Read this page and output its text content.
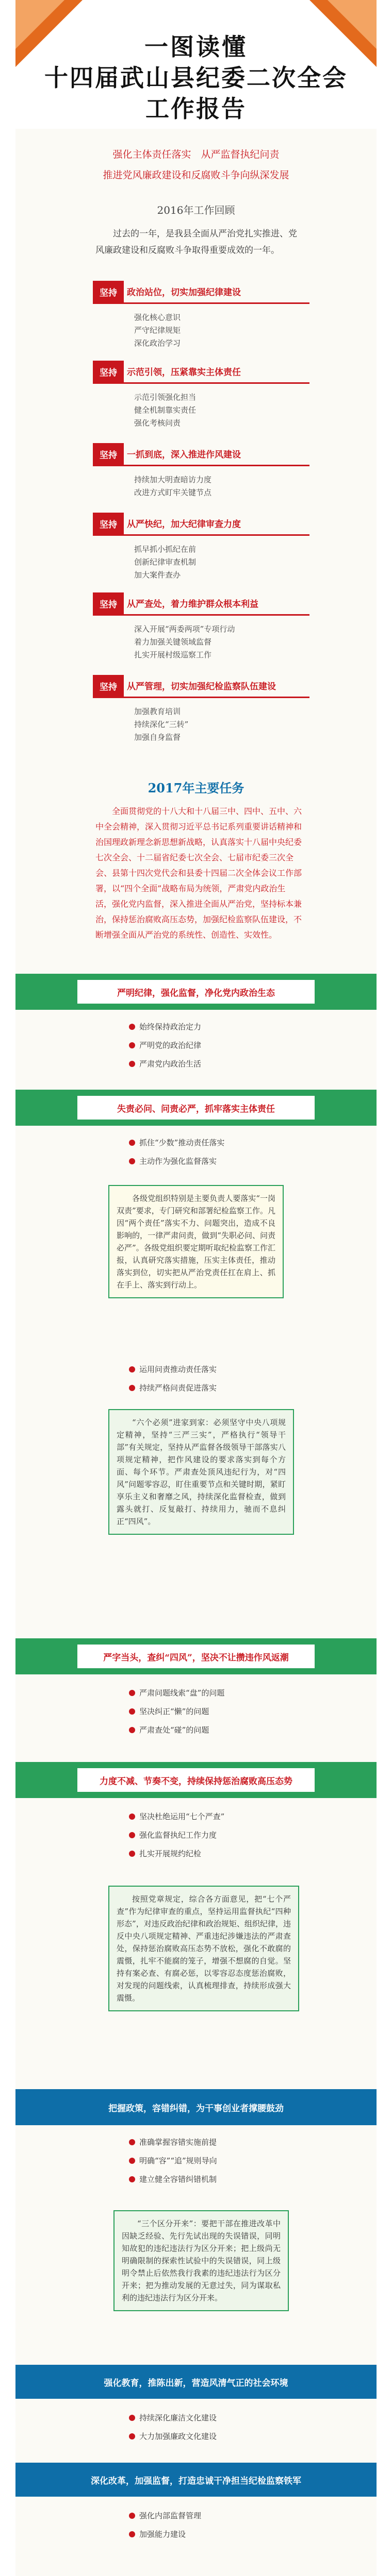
一图读懂
十四届武山县纪委二次全会
工作报告
强化主体责任落实　从严监督执纪问责
推进党风廉政建设和反腐败斗争向纵深发展
2016年工作回顾
过去的一年，是我县全面从严治党扎实推进、党风廉政建设和反腐败斗争取得重要成效的一年。
坚持	政治站位，切实加强纪律建设
强化核心意识
严守纪律规矩
深化政治学习
坚持	示范引领，压紧靠实主体责任
示范引领强化担当
健全机制靠实责任
强化考核问责
坚持	一抓到底，深入推进作风建设
持续加大明查暗访力度
改进方式盯牢关键节点
坚持	从严快纪，加大纪律审查力度
抓早抓小抓纪在前
创新纪律审查机制
加大案件查办
坚持	从严查处，着力维护群众根本利益
深入开展“两委两项”专项行动
着力加强关键领域监督
扎实开展村级巡察工作
坚持	从严管理，切实加强纪检监察队伍建设
加强教育培训
持续深化“三转”
加强自身监督
2017年主要任务
全面贯彻党的十八大和十八届三中、四中、五中、六中全会精神，深入贯彻习近平总书记系列重要讲话精神和治国理政新理念新思想新战略，认真落实十八届中央纪委七次全会、十二届省纪委七次全会、七届市纪委三次全会、县第十四次党代会和县委十四届二次全体会议工作部署，以“四个全面”战略布局为统领，严肃党内政治生活，强化党内监督，深入推进全面从严治党，坚持标本兼治，保持惩治腐败高压态势，加强纪检监察队伍建设，不断增强全面从严治党的系统性、创造性、实效性。
严明纪律，强化监督，净化党内政治生态
始终保持政治定力
严明党的政治纪律
严肃党内政治生活
失责必问、问责必严，抓牢落实主体责任
抓住“少数”推动责任落实
主动作为强化监督落实
各级党组织特别是主要负责人要落实“一岗双责”要求，专门研究和部署纪检监察工作。凡因“两个责任”落实不力、问题突出，造成不良影响的，一律严肃问责，做到“失职必问、问责必严”。各级党组织要定期听取纪检监察工作汇报，认真研究落实措施，压实主体责任，推动落实到位，切实把从严治党责任扛在肩上、抓在手上、落实到行动上。
运用问责推动责任落实
持续严格问责促进落实
“六个必须”进家到家：必须坚守中央八项规定精神，坚持“三严三实”，严格执行“领导干部”有关规定，坚持从严监督各级领导干部落实八项规定精神，把作风建设的要求落实到每个方面、每个环节。严肃查处顶风违纪行为，对“四风”问题零容忍，盯住重要节点和关键时期，紧盯享乐主义和奢靡之风，持续深化监督检查，做到露头就打、反复敲打、持续用力，驰而不息纠正“四风”。
严字当头，查纠“四风”，坚决不让攒违作风返潮
严肃问题线索“盘”的问题
坚决纠正“懒”的问题
严肃查处“碰”的问题
力度不减、节奏不变，持续保持惩治腐败高压态势
坚决杜绝运用“七个严查”
强化监督执纪工作力度
扎实开展规约纪检
按照党章规定，综合各方面意见，把“七个严查”作为纪律审查的重点，坚持运用监督执纪“四种形态”，对违反政治纪律和政治规矩、组织纪律，违反中央八项规定精神、严重违纪涉嫌违法的严肃查处，保持惩治腐败高压态势不放松，强化不敢腐的震慑，扎牢不能腐的笼子，增强不想腐的自觉。坚持有案必查、有腐必惩，以零容忍态度惩治腐败，对发现的问题线索，认真梳理排查，持续形成强大震慑。
把握政策，容错纠错，为干事创业者撑腰鼓劲
准确掌握容错实施前提
明确“容”“追”规则导向
建立健全容错纠错机制
“三个区分开来”：要把干部在推进改革中因缺乏经验、先行先试出现的失误错误，同明知故犯的违纪违法行为区分开来；把上级尚无明确限制的探索性试验中的失误错误，同上级明令禁止后依然我行我素的违纪违法行为区分开来；把为推动发展的无意过失，同为谋取私利的违纪违法行为区分开来。
强化教育，推陈出新，营造风清气正的社会环境
持续深化廉洁文化建设
大力加强廉政文化建设
深化改革，加强监督，打造忠诚干净担当纪检监察铁军
强化内部监督管理
加强能力建设
